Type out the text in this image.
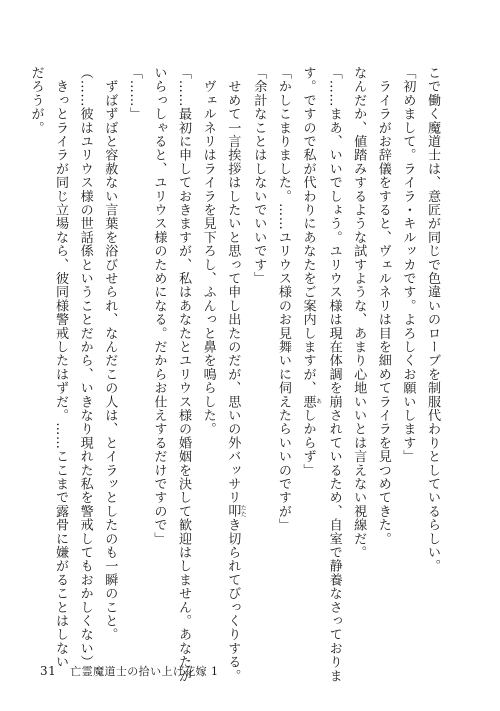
こで働く魔道士は、意匠が同じで色違いのローブを制服代わりとしているらしい。
「初めまして。ライラ・キルッカです。よろしくお願いします」
　ライラがお辞儀をすると、ヴェルネリは目を細めてライラを見つめてきた。
なんだか、値踏みするような試すような、あまり心地いいとは言えない視線だ。
「……まあ、いいでしょう。ユリウス様は現在体調を崩されているため、自室で静養なさっておりま
す。ですので私が代わりにあなたをご案内しますが、悪 あしからず」
「かしこまりました。……ユリウス様のお見舞いに伺えたらいいのですが」
「余計なことはしないでいいです」
　せめて一言挨拶はしたいと思って申し出たのだが、思いの外バッサリ叩 たたき切られてびっくりする。
　ヴェルネリはライラを見下ろし、ふんっと鼻を鳴らした。
「……最初に申しておきますが、私はあなたとユリウス様の婚姻を決して歓迎はしません。あなたが
いらっしゃると、ユリウス様のためになる。だからお仕えするだけですので」
「……」
　ずばずばと容赦ない言葉を浴びせられ、なんだこの人は、とイラッとしたのも一瞬のこと。
（……彼はユリウス様の世話係ということだから、いきなり現れた私を警戒してもおかしくない）
　きっとライラが同じ立場なら、彼同様警戒したはずだ。……ここまで露骨に嫌がることはしない
だろうが。
31 亡霊魔道士の拾い上げ花嫁 1
